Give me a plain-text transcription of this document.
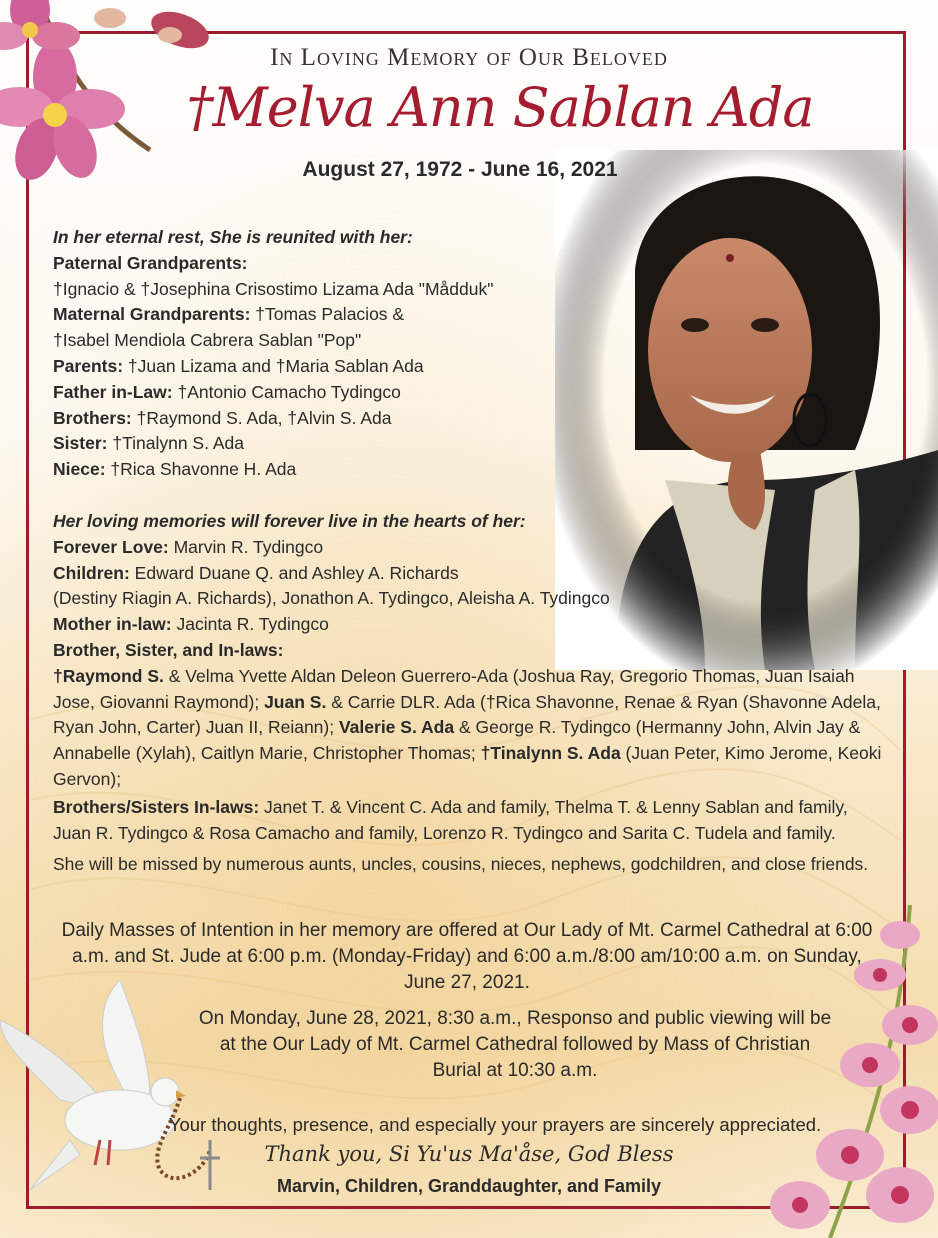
In Loving Memory of Our Beloved
†Melva Ann Sablan Ada
August 27, 1972 - June 16, 2021

In her eternal rest, She is reunited with her:

Paternal Grandparents:

†Ignacio & †Josephina Crisostimo Lizama Ada "Mådduk"

Maternal Grandparents: †Tomas Palacios &

†Isabel Mendiola Cabrera Sablan "Pop"

Parents: †Juan Lizama and †Maria Sablan Ada

Father in-Law: †Antonio Camacho Tydingco

Brothers: †Raymond S. Ada, †Alvin S. Ada

Sister: †Tinalynn S. Ada

Niece: †Rica Shavonne H. Ada

Her loving memories will forever live in the hearts of her:

Forever Love: Marvin R. Tydingco

Children: Edward Duane Q. and Ashley A. Richards

(Destiny Riagin A. Richards), Jonathon A. Tydingco, Aleisha A. Tydingco

Mother in-law: Jacinta R. Tydingco

Brother, Sister, and In-laws:

†Raymond S. & Velma Yvette Aldan Deleon Guerrero-Ada (Joshua Ray, Gregorio Thomas, Juan Isaiah Jose, Giovanni Raymond); Juan S. & Carrie DLR. Ada (†Rica Shavonne, Renae & Ryan (Shavonne Adela, Ryan John, Carter) Juan II, Reiann); Valerie S. Ada & George R. Tydingco (Hermanny John, Alvin Jay & Annabelle (Xylah), Caitlyn Marie, Christopher Thomas; †Tinalynn S. Ada (Juan Peter, Kimo Jerome, Keoki Gervon);

Brothers/Sisters In-laws: Janet T. & Vincent C. Ada and family, Thelma T. & Lenny Sablan and family, Juan R. Tydingco & Rosa Camacho and family, Lorenzo R. Tydingco and Sarita C. Tudela and family.

She will be missed by numerous aunts, uncles, cousins, nieces, nephews, godchildren, and close friends.

Daily Masses of Intention in her memory are offered at Our Lady of Mt. Carmel Cathedral at 6:00 a.m. and St. Jude at 6:00 p.m. (Monday-Friday) and 6:00 a.m./8:00 am/10:00 a.m. on Sunday, June 27, 2021.
On Monday, June 28, 2021, 8:30 a.m., Responso and public viewing will be at the Our Lady of Mt. Carmel Cathedral followed by Mass of Christian Burial at 10:30 a.m.
Your thoughts, presence, and especially your prayers are sincerely appreciated.
Thank you, Si Yu'us Ma'åse, God Bless
Marvin, Children, Granddaughter, and Family
